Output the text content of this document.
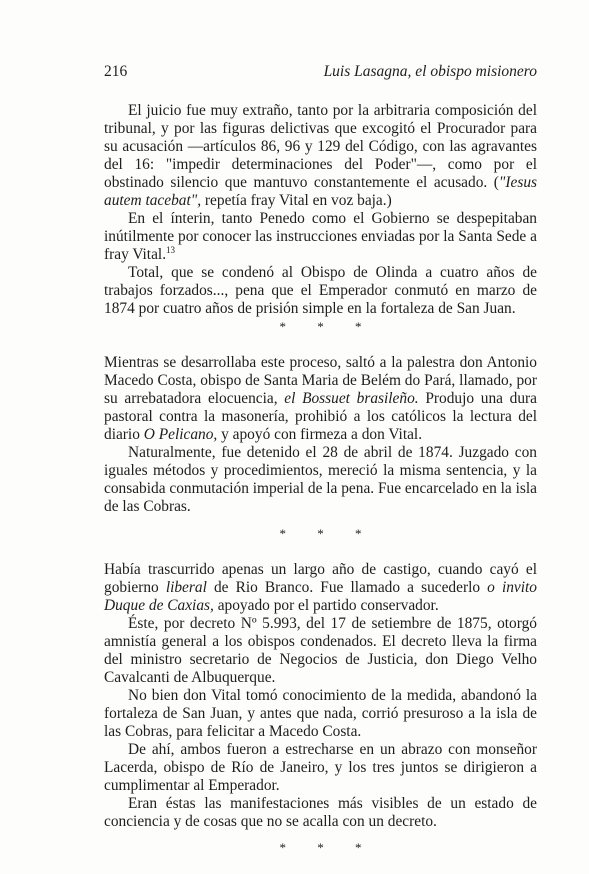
216	Luis Lasagna, el obispo misionero

El juicio fue muy extraño, tanto por la arbitraria composición del tribunal, y por las figuras delictivas que excogitó el Procurador para su acusación —artículos 86, 96 y 129 del Código, con las agravantes del 16: "impedir determinaciones del Poder"—, como por el obstinado silencio que mantuvo constantemente el acusado. ("Iesus autem tacebat", repetía fray Vital en voz baja.)

En el ínterin, tanto Penedo como el Gobierno se despepitaban inútilmente por conocer las instrucciones enviadas por la Santa Sede a fray Vital.$^{13}$

Total, que se condenó al Obispo de Olinda a cuatro años de trabajos forzados..., pena que el Emperador conmutó en marzo de 1874 por cuatro años de prisión simple en la fortaleza de San Juan.

* * *

Mientras se desarrollaba este proceso, saltó a la palestra don Antonio Macedo Costa, obispo de Santa Maria de Belém do Pará, llamado, por su arrebatadora elocuencia, el Bossuet brasileño. Produjo una dura pastoral contra la masonería, prohibió a los católicos la lectura del diario O Pelicano, y apoyó con firmeza a don Vital.

Naturalmente, fue detenido el 28 de abril de 1874. Juzgado con iguales métodos y procedimientos, mereció la misma sentencia, y la consabida conmutación imperial de la pena. Fue encarcelado en la isla de las Cobras.

* * *

Había trascurrido apenas un largo año de castigo, cuando cayó el gobierno liberal de Rio Branco. Fue llamado a sucederlo o invito Duque de Caxias, apoyado por el partido conservador.

Éste, por decreto Nº 5.993, del 17 de setiembre de 1875, otorgó amnistía general a los obispos condenados. El decreto lleva la firma del ministro secretario de Negocios de Justicia, don Diego Velho Cavalcanti de Albuquerque.

No bien don Vital tomó conocimiento de la medida, abandonó la fortaleza de San Juan, y antes que nada, corrió presuroso a la isla de las Cobras, para felicitar a Macedo Costa.

De ahí, ambos fueron a estrecharse en un abrazo con monseñor Lacerda, obispo de Río de Janeiro, y los tres juntos se dirigieron a cumplimentar al Emperador.

Eran éstas las manifestaciones más visibles de un estado de conciencia y de cosas que no se acalla con un decreto.

* * *
